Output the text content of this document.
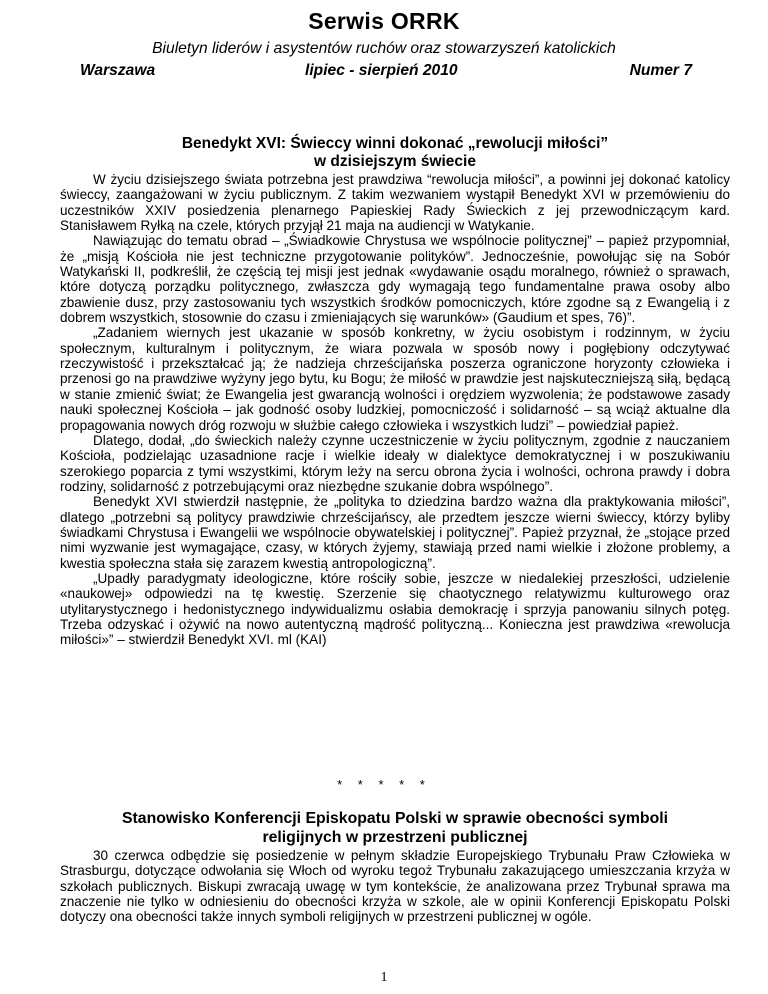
Serwis ORRK
Biuletyn liderów i asystentów ruchów oraz stowarzyszeń katolickich
Warszawa	lipiec - sierpień 2010	Numer 7
Benedykt XVI: Świeccy winni dokonać „rewolucji miłości”
w dzisiejszym świecie

W życiu dzisiejszego świata potrzebna jest prawdziwa “rewolucja miłości”, a powinni jej dokonać katolicy świeccy, zaangażowani w życiu publicznym. Z takim wezwaniem wystąpił Benedykt XVI w przemówieniu do uczestników XXIV posiedzenia plenarnego Papieskiej Rady Świeckich z jej przewodniczącym kard. Stanisławem Ryłką na czele, których przyjął 21 maja na audiencji w Watykanie.

Nawiązując do tematu obrad – „Świadkowie Chrystusa we wspólnocie politycznej” – papież przypomniał, że „misją Kościoła nie jest techniczne przygotowanie polityków”. Jednocześnie, powołując się na Sobór Watykański II, podkreślił, że częścią tej misji jest jednak «wydawanie osądu moralnego, również o sprawach, które dotyczą porządku politycznego, zwłaszcza gdy wymagają tego fundamentalne prawa osoby albo zbawienie dusz, przy zastosowaniu tych wszystkich środków pomocniczych, które zgodne są z Ewangelią i z dobrem wszystkich, stosownie do czasu i zmieniających się warunków» (Gaudium et spes, 76)”.

„Zadaniem wiernych jest ukazanie w sposób konkretny, w życiu osobistym i rodzinnym, w życiu społecznym, kulturalnym i politycznym, że wiara pozwala w sposób nowy i pogłębiony odczytywać rzeczywistość i przekształcać ją; że nadzieja chrześcijańska poszerza ograniczone horyzonty człowieka i przenosi go na prawdziwe wyżyny jego bytu, ku Bogu; że miłość w prawdzie jest najskuteczniejszą siłą, będącą w stanie zmienić świat; że Ewangelia jest gwarancją wolności i orędziem wyzwolenia; że podstawowe zasady nauki społecznej Kościoła – jak godność osoby ludzkiej, pomocniczość i solidarność – są wciąż aktualne dla propagowania nowych dróg rozwoju w służbie całego człowieka i wszystkich ludzi” – powiedział papież.

Dlatego, dodał, „do świeckich należy czynne uczestniczenie w życiu politycznym, zgodnie z nauczaniem Kościoła, podzielając uzasadnione racje i wielkie ideały w dialektyce demokratycznej i w poszukiwaniu szerokiego poparcia z tymi wszystkimi, którym leży na sercu obrona życia i wolności, ochrona prawdy i dobra rodziny, solidarność z potrzebującymi oraz niezbędne szukanie dobra wspólnego”.

Benedykt XVI stwierdził następnie, że „polityka to dziedzina bardzo ważna dla praktykowania miłości”, dlatego „potrzebni są politycy prawdziwie chrześcijańscy, ale przedtem jeszcze wierni świeccy, którzy byliby świadkami Chrystusa i Ewangelii we wspólnocie obywatelskiej i politycznej”. Papież przyznał, że „stojące przed nimi wyzwanie jest wymagające, czasy, w których żyjemy, stawiają przed nami wielkie i złożone problemy, a kwestia społeczna stała się zarazem kwestią antropologiczną”.

„Upadły paradygmaty ideologiczne, które rościły sobie, jeszcze w niedalekiej przeszłości, udzielenie «naukowej» odpowiedzi na tę kwestię. Szerzenie się chaotycznego relatywizmu kulturowego oraz utylitarystycznego i hedonistycznego indywidualizmu osłabia demokrację i sprzyja panowaniu silnych potęg. Trzeba odzyskać i ożywić na nowo autentyczną mądrość polityczną... Konieczna jest prawdziwa «rewolucja miłości»” – stwierdził Benedykt XVI. ml (KAI)

* * * * *
Stanowisko Konferencji Episkopatu Polski w sprawie obecności symboli
religijnych w przestrzeni publicznej

30 czerwca odbędzie się posiedzenie w pełnym składzie Europejskiego Trybunału Praw Człowieka w Strasburgu, dotyczące odwołania się Włoch od wyroku tegoż Trybunału zakazującego umieszczania krzyża w szkołach publicznych. Biskupi zwracają uwagę w tym kontekście, że analizowana przez Trybunał sprawa ma znaczenie nie tylko w odniesieniu do obecności krzyża w szkole, ale w opinii Konferencji Episkopatu Polski dotyczy ona obecności także innych symboli religijnych w przestrzeni publicznej w ogóle.

1
